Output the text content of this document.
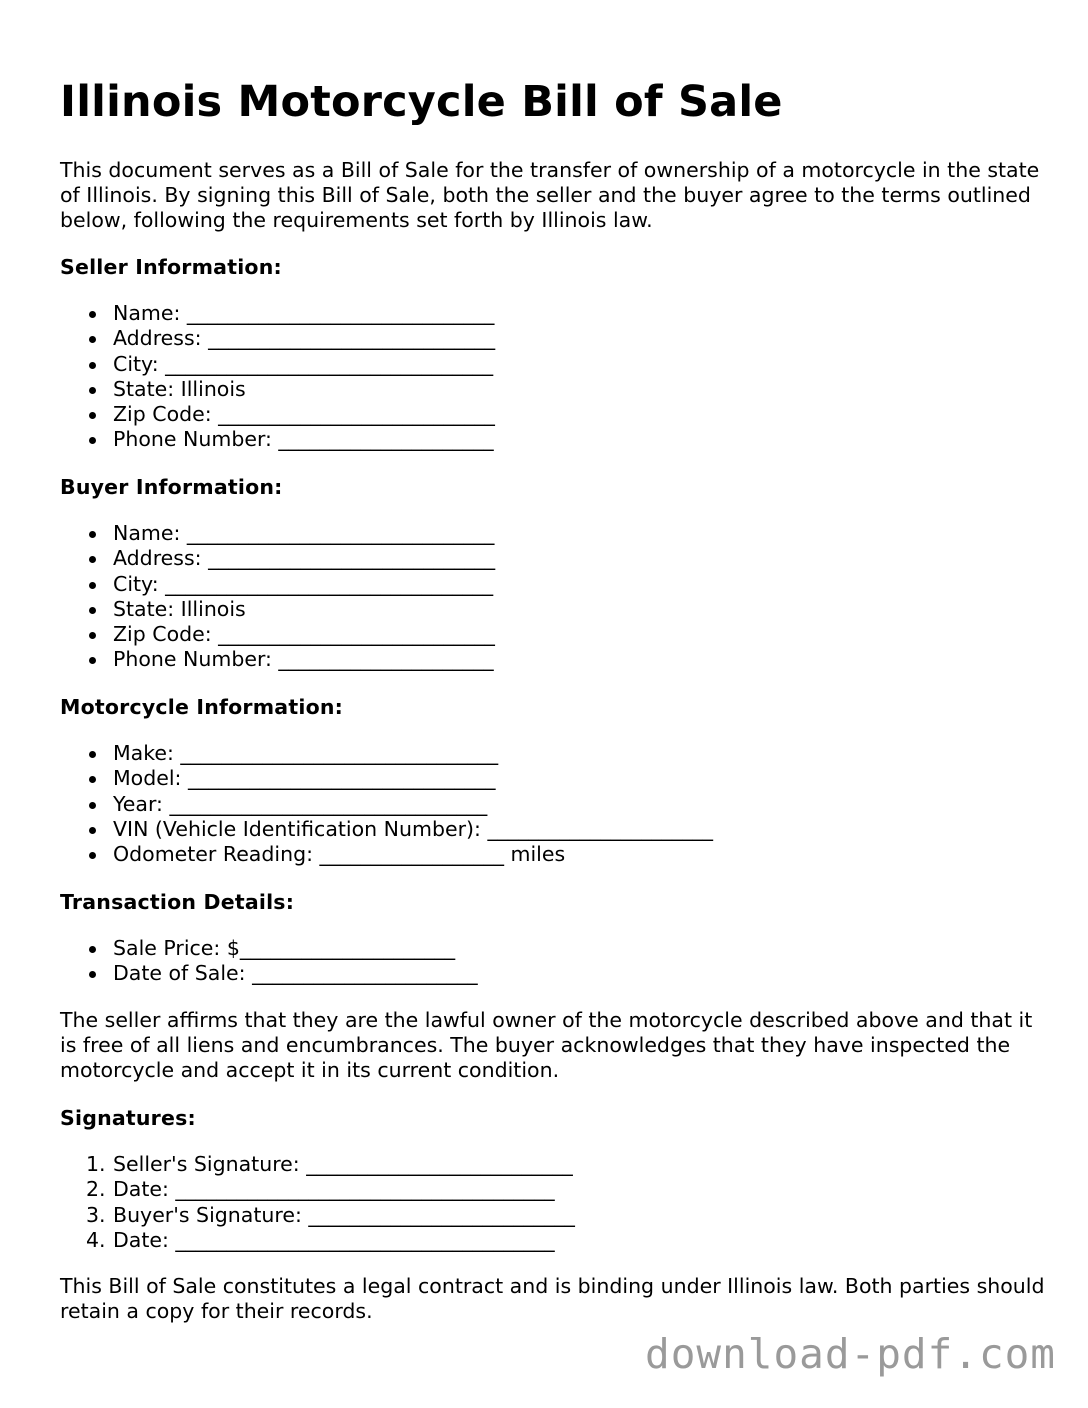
Illinois Motorcycle Bill of Sale

This document serves as a Bill of Sale for the transfer of ownership of a motorcycle in the state of Illinois. By signing this Bill of Sale, both the seller and the buyer agree to the terms outlined below, following the requirements set forth by Illinois law.

Seller Information:

Name: ______________________________
Address: ____________________________
City: ________________________________
State: Illinois
Zip Code: ___________________________
Phone Number: _____________________

Buyer Information:

Name: ______________________________
Address: ____________________________
City: ________________________________
State: Illinois
Zip Code: ___________________________
Phone Number: _____________________

Motorcycle Information:

Make: _______________________________
Model: ______________________________
Year: _______________________________
VIN (Vehicle Identification Number): ______________________
Odometer Reading: __________________ miles

Transaction Details:

Sale Price: $_____________________
Date of Sale: ______________________

The seller affirms that they are the lawful owner of the motorcycle described above and that it is free of all liens and encumbrances. The buyer acknowledges that they have inspected the motorcycle and accept it in its current condition.

Signatures:

1. Seller's Signature: __________________________
2. Date: _____________________________________
3. Buyer's Signature: __________________________
4. Date: _____________________________________

This Bill of Sale constitutes a legal contract and is binding under Illinois law. Both parties should retain a copy for their records.

download-pdf.com
